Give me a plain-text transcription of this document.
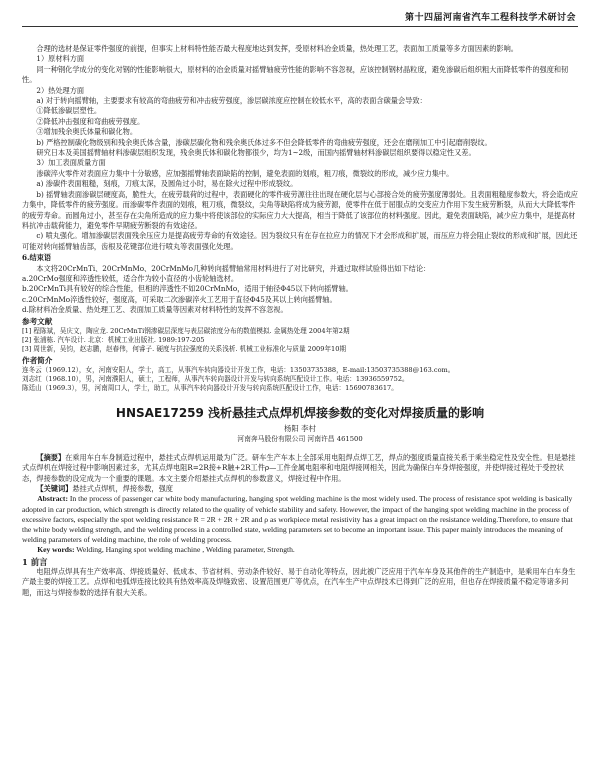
第十四届河南省汽车工程科技学术研讨会

合理的选材是保证零件强度的前提，但事实上材料特性能否最大程度地达到发挥，受原材料冶金质量，热处理工艺，表面加工质量等多方面因素的影响。

1）原材料方面

同一种钢化学成分的变化对钢的性能影响很大，原材料的冶金质量对摇臂轴疲劳性能的影响不容忽视，应该控制钢材晶粒度，避免渗碳后组织粗大而降低零件的强度和韧性。

2）热处理方面

a) 对于转向摇臂轴，主要要求有较高的弯曲疲劳和冲击疲劳强度，渗层碳浓度应控制在较低水平，高的表面含碳量会导致：

①降低渗碳层塑性。

②降低冲击强度和弯曲疲劳强度。

③增加残余奥氏体量和碳化物。

b) 严格控制碳化物级别和残余奥氏体含量，渗碳层碳化物和残余奥氏体过多不但会降低零件的弯曲疲劳强度，还会在磨削加工中引起磨削裂纹。

研究日本及美国摇臂轴材料渗碳层组织发现，残余奥氏体和碳化物都很少，均为1~2级，而国内摇臂轴材料渗碳层组织要得以稳定性又差。

3）加工表面质量方面

渗碳淬火零件对表面应力集中十分敏感，应加强摇臂轴表面缺陷的控制，避免表面的划痕，粗刀痕，微裂纹的形成，减少应力集中。

a) 渗碳件表面粗糙，刻痕，刀痕太深，及圆角过小时，易在除火过程中形成裂纹。

b) 摇臂轴表面渗碳层硬度高，脆性大，在疲劳载荷的过程中，表面硬化的零件疲劳源往往出现在硬化层与心部接合处的疲劳强度薄弱处。且表面粗糙度参数大，将会造成应力集中，降低零件的疲劳强度。而渗碳零件表面的划痕，粗刀痕，微裂纹，尖角等缺陷将成为疲劳源，使零件在低于屈服点的交变应力作用下发生疲劳断裂，从而大大降低零件的疲劳寿命。而圆角过小，甚至存在尖角所造成的应力集中将使该部位的实际应力大大提高，相当于降低了该部位的材料强度。因此，避免表面缺陷，减少应力集中，是提高材料抗冲击载荷能力，避免零件早期疲劳断裂的有效途径。

c) 喷丸强化。增加渗碳层表面残余压应力是提高疲劳寿命的有效途径。因为裂纹只有在存在拉应力的情况下才会形成和扩展，而压应力将会阻止裂纹的形成和扩展，因此还可能对转向摇臂轴齿部，齿根及花键部位进行喷丸等表面强化处理。

6.结束语

本文将20CrMnTi、20CrMnMo、20CrMnMo几种转向摇臂轴常用材料进行了对比研究，并通过取样试验得出如下结论：

a.20CrMo强度和淬透性较低，适合作为较小直径的小齿轮轴选材。

b.20CrMnTi具有较好的综合性能，但相的淬透性不如20CrMnMo，适用于轴径Φ45以下转向摇臂轴。

c.20CrMnMo淬透性较好，强度高，可采取二次渗碳淬火工艺用于直径Φ45及其以上转向摇臂轴。

d.除材料冶金质量、热处理工艺、表面加工质量等因素对材料特性的发挥不容忽视。

参考文献

[1] 程陈斌，吴庆文，陶应龙. 20CrMnTi钢渗碳层深度与表层碳浓度分布的数值模拟. 金属热处理 2004年第2期

[2] 张浦栋. 汽车设计. 北京：机械工业出版社. 1989:197-205

[3] 周世新，吴钧，赵志鹏，赵春伟，何睿子. 硬度与抗拉强度的关系浅析. 机械工业标准化与质量 2009年10期

作者简介

连冬云（1969.12），女，河南安阳人，学士，高工，从事汽车转向器设计开发工作，电话：13503735388，E-mail:13503735388@163.com。

刘志红（1968.10），男，河南濮阳人，硕士，工程师，从事汽车转向器设计开发与转向系统匹配设计工作。电话：13936559752。

陈廷山（1969.3），男，河南周口人，学士，助工，从事汽车转向器设计开发与转向系统匹配设计工作，电话：15690783617。

HNSAE17259 浅析悬挂式点焊机焊接参数的变化对焊接质量的影响

杨阳 李村

河南奔马股份有限公司 河南许昌 461500

【摘要】在乘用车白车身制造过程中，悬挂式点焊机运用最为广泛。研车生产车本上全部采用电阻焊点焊工艺，焊点的强度质量直接关系于乘坐稳定性及安全性。但是悬挂式点焊机在焊接过程中影响因素过多，尤其点焊电阻R=2R接+R触+2R工件ρ—工件金属电阻率和电阻焊接网相关，因此为确保白车身焊接强度，并使焊接过程处于受控状态，焊接参数的设定成为一个重要的课题。本文主要介绍悬挂式点焊机的参数意义，焊接过程中作用。

【关键词】悬挂式点焊机，焊接参数，强度

Abstract: In the process of passenger car white body manufacturing, hanging spot welding machine is the most widely used. The process of resistance spot welding is basically adopted in car production, which strength is directly related to the quality of vehicle stability and safety. However, the impact of the hanging spot welding machine in the process of excessive factors, especially the spot welding resistance R = 2R + 2R + 2R and ρ as workpiece metal resistivity has a great impact on the resistance welding.Therefore, to ensure that the white body welding strength, and the welding process in a controlled state, welding parameters set to become an important issue. This paper mainly introduces the meaning of welding parameters of welding machine, the role of welding process.

Key words: Welding, Hanging spot welding machine , Welding parameter, Strength.

1 前言

电阻焊点焊具有生产效率高、焊接质量好、低成本、节省材料、劳动条件较好、易于自动化等特点，因此被广泛应用于汽车车身及其他件的生产制造中，是乘用车白车身生产最主要的焊接工艺。点焊和电弧焊连接比较具有热效率高及焊缝致密、设置范围更广等优点，在汽车生产中点焊技术已得到广泛的应用，但也存在焊接质量不稳定等诸多问题，而这与焊接参数的选择有很大关系。
